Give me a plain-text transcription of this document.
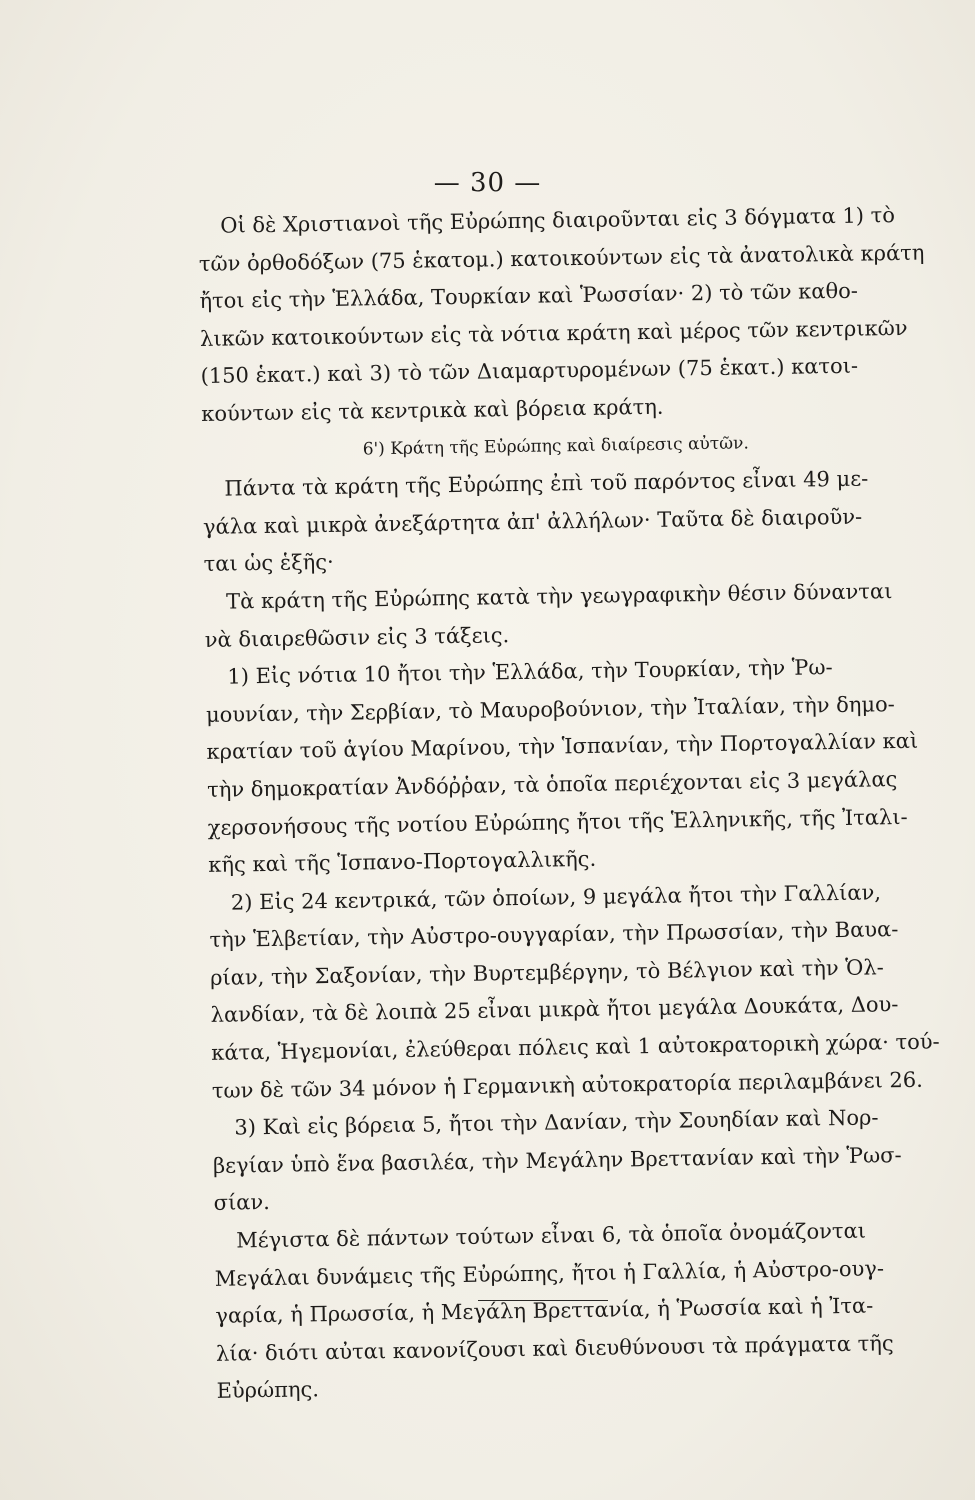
— 30 —
Οἱ δὲ Χριστιανοὶ τῆς Εὐρώπης διαιροῦνται εἰς 3 δόγματα 1) τὸ
τῶν ὀρθοδόξων (75 ἑκατομ.) κατοικούντων εἰς τὰ ἀνατολικὰ κράτη
ἤτοι εἰς τὴν Ἑλλάδα, Τουρκίαν καὶ Ῥωσσίαν· 2) τὸ τῶν καθο-
λικῶν κατοικούντων εἰς τὰ νότια κράτη καὶ μέρος τῶν κεντρικῶν
(150 ἑκατ.) καὶ 3) τὸ τῶν Διαμαρτυρομένων (75 ἑκατ.) κατοι-
κούντων εἰς τὰ κεντρικὰ καὶ βόρεια κράτη.
6') Κράτη τῆς Εὐρώπης καὶ διαίρεσις αὐτῶν.
Πάντα τὰ κράτη τῆς Εὐρώπης ἐπὶ τοῦ παρόντος εἶναι 49 με-
γάλα καὶ μικρὰ ἀνεξάρτητα ἀπ' ἀλλήλων· Ταῦτα δὲ διαιροῦν-
ται ὡς ἑξῆς·
Τὰ κράτη τῆς Εὐρώπης κατὰ τὴν γεωγραφικὴν θέσιν δύνανται
νὰ διαιρεθῶσιν εἰς 3 τάξεις.
1) Εἰς νότια 10 ἤτοι τὴν Ἑλλάδα, τὴν Τουρκίαν, τὴν Ῥω-
μουνίαν, τὴν Σερβίαν, τὸ Μαυροβούνιον, τὴν Ἰταλίαν, τὴν δημο-
κρατίαν τοῦ ἁγίου Μαρίνου, τὴν Ἱσπανίαν, τὴν Πορτογαλλίαν καὶ
τὴν δημοκρατίαν Ἀνδόῤῥαν, τὰ ὁποῖα περιέχονται εἰς 3 μεγάλας
χερσονήσους τῆς νοτίου Εὐρώπης ἤτοι τῆς Ἑλληνικῆς, τῆς Ἰταλι-
κῆς καὶ τῆς Ἱσπανο-Πορτογαλλικῆς.
2) Εἰς 24 κεντρικά, τῶν ὁποίων, 9 μεγάλα ἤτοι τὴν Γαλλίαν,
τὴν Ἑλβετίαν, τὴν Αὐστρο-ουγγαρίαν, τὴν Πρωσσίαν, τὴν Βαυα-
ρίαν, τὴν Σαξονίαν, τὴν Βυρτεμβέργην, τὸ Βέλγιον καὶ τὴν Ὁλ-
λανδίαν, τὰ δὲ λοιπὰ 25 εἶναι μικρὰ ἤτοι μεγάλα Δουκάτα, Δου-
κάτα, Ἡγεμονίαι, ἐλεύθεραι πόλεις καὶ 1 αὐτοκρατορικὴ χώρα· τού-
των δὲ τῶν 34 μόνον ἡ Γερμανικὴ αὐτοκρατορία περιλαμβάνει 26.
3) Καὶ εἰς βόρεια 5, ἤτοι τὴν Δανίαν, τὴν Σουηδίαν καὶ Νορ-
βεγίαν ὑπὸ ἕνα βασιλέα, τὴν Μεγάλην Βρεττανίαν καὶ τὴν Ῥωσ-
σίαν.
Μέγιστα δὲ πάντων τούτων εἶναι 6, τὰ ὁποῖα ὀνομάζονται
Μεγάλαι δυνάμεις τῆς Εὐρώπης, ἤτοι ἡ Γαλλία, ἡ Αὐστρο-ουγ-
γαρία, ἡ Πρωσσία, ἡ Μεγάλη Βρεττανία, ἡ Ῥωσσία καὶ ἡ Ἰτα-
λία· διότι αὐται κανονίζουσι καὶ διευθύνουσι τὰ πράγματα τῆς
Εὐρώπης.
